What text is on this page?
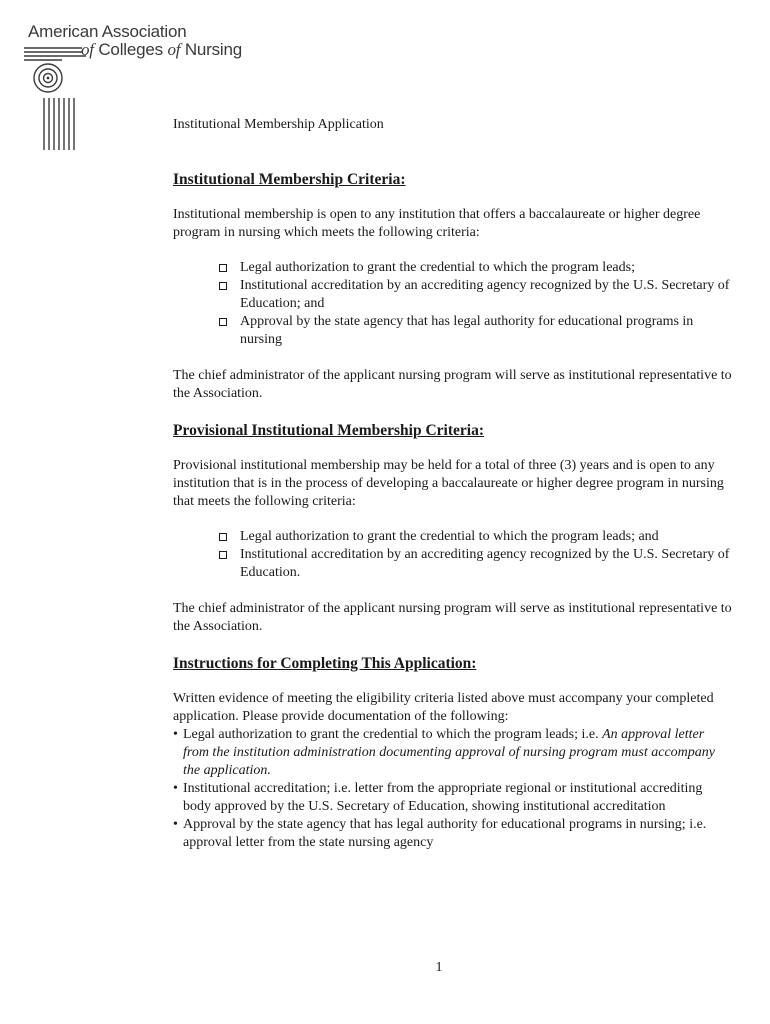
American Association
of Colleges of Nursing

Institutional Membership Application

Institutional Membership Criteria:

Institutional membership is open to any institution that offers a baccalaureate or higher degree program in nursing which meets the following criteria:

Legal authorization to grant the credential to which the program leads;
Institutional accreditation by an accrediting agency recognized by the U.S. Secretary of Education; and
Approval by the state agency that has legal authority for educational programs in nursing

The chief administrator of the applicant nursing program will serve as institutional representative to the Association.

Provisional Institutional Membership Criteria:

Provisional institutional membership may be held for a total of three (3) years and is open to any institution that is in the process of developing a baccalaureate or higher degree program in nursing that meets the following criteria:

Legal authorization to grant the credential to which the program leads; and
Institutional accreditation by an accrediting agency recognized by the U.S. Secretary of Education.

The chief administrator of the applicant nursing program will serve as institutional representative to the Association.

Instructions for Completing This Application:

Written evidence of meeting the eligibility criteria listed above must accompany your completed application. Please provide documentation of the following:

• Legal authorization to grant the credential to which the program leads; i.e. An approval letter from the institution administration documenting approval of nursing program must accompany the application.
• Institutional accreditation; i.e. letter from the appropriate regional or institutional accrediting body approved by the U.S. Secretary of Education, showing institutional accreditation
• Approval by the state agency that has legal authority for educational programs in nursing; i.e. approval letter from the state nursing agency
1
